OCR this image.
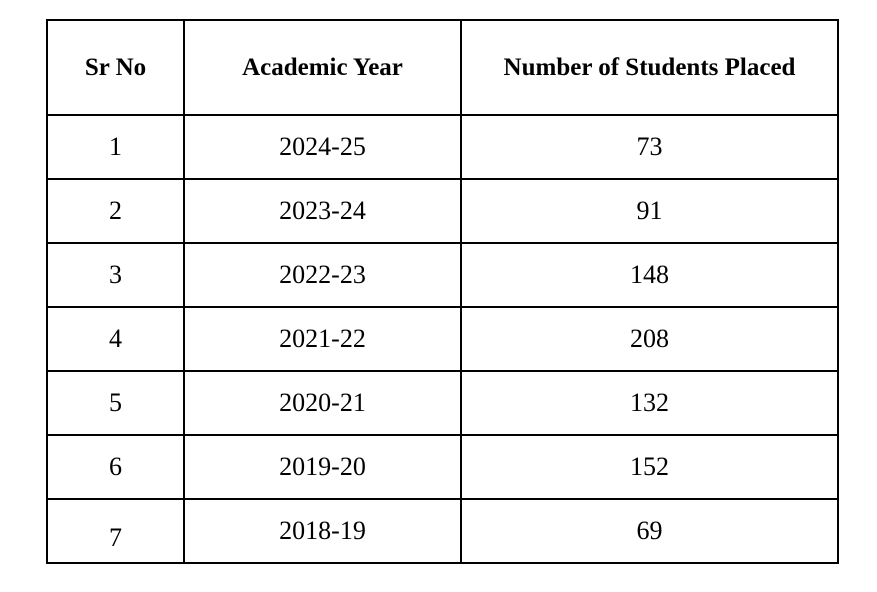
Sr No	Academic Year	Number of Students Placed
1	2024-25	73
2	2023-24	91
3	2022-23	148
4	2021-22	208
5	2020-21	132
6	2019-20	152
7	2018-19	69
